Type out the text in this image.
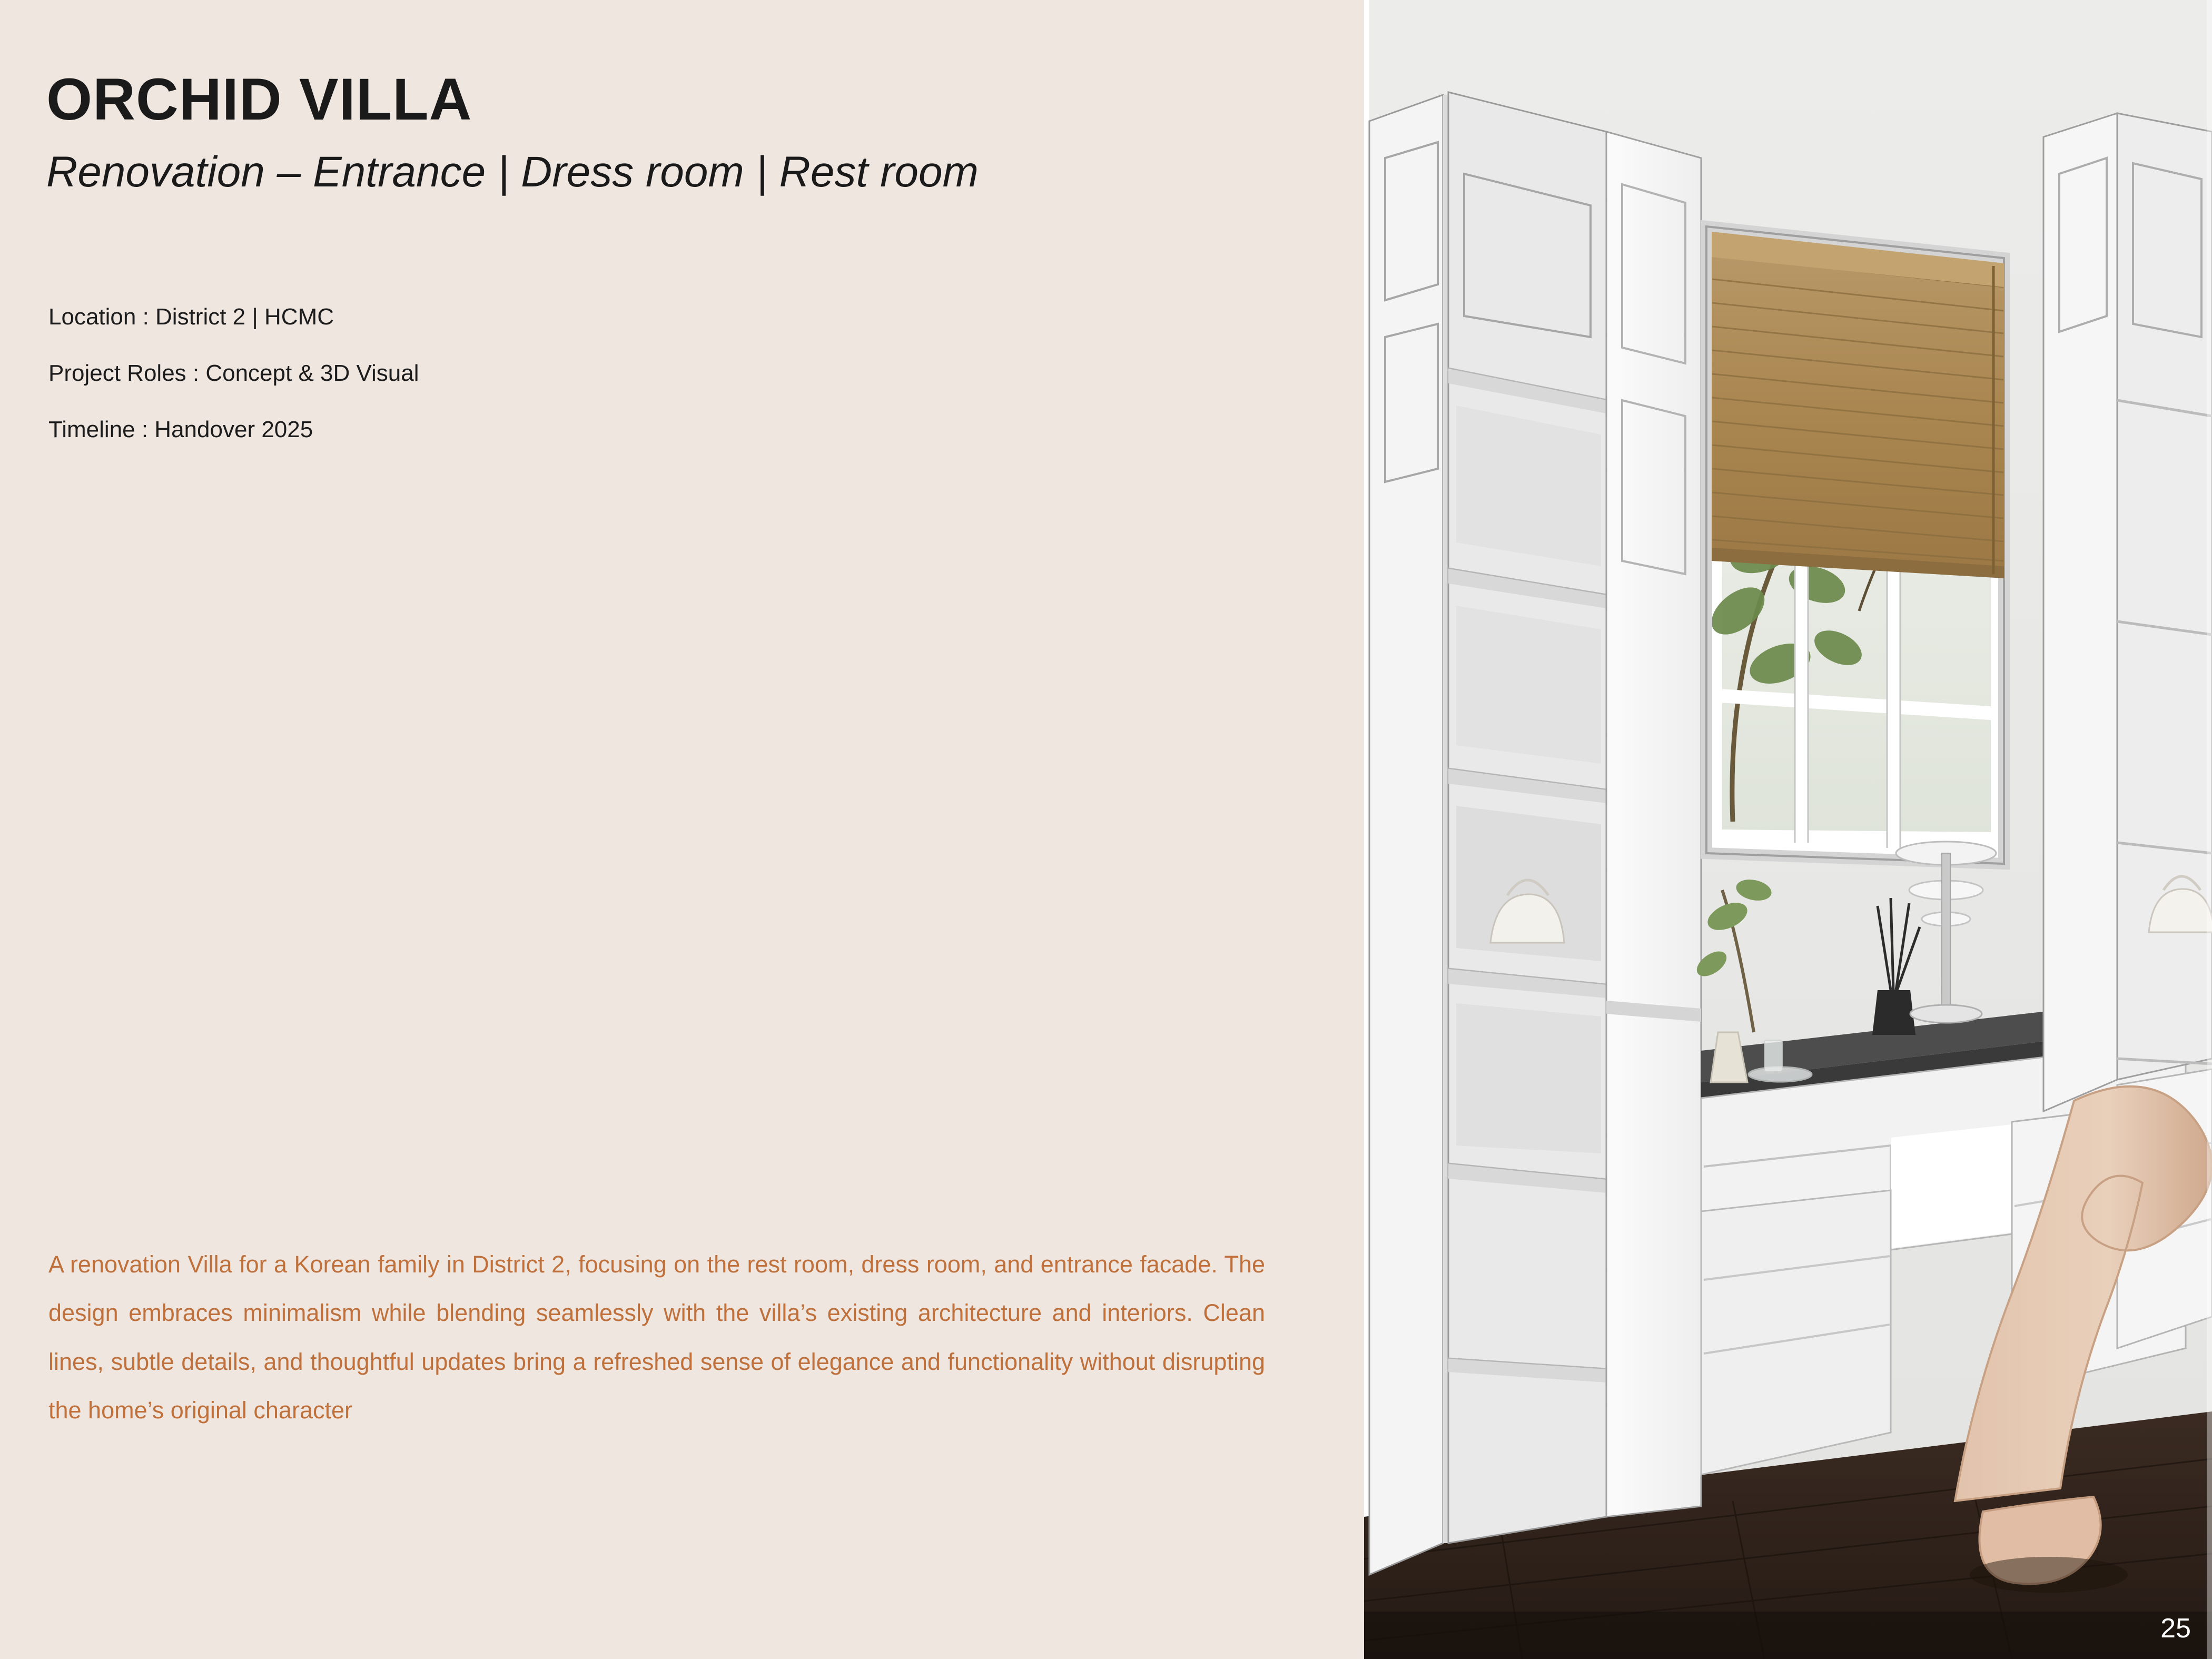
ORCHID VILLA
Renovation – Entrance | Dress room | Rest room
Location : District 2 | HCMC
Project Roles : Concept & 3D Visual
Timeline : Handover 2025

A renovation Villa for a Korean family in District 2, focusing on the rest room, dress room, and entrance facade. The design embraces minimalism while blending seamlessly with the villa’s existing architecture and interiors. Clean lines, subtle details, and thoughtful updates bring a refreshed sense of elegance and functionality without disrupting the home’s original character

25
